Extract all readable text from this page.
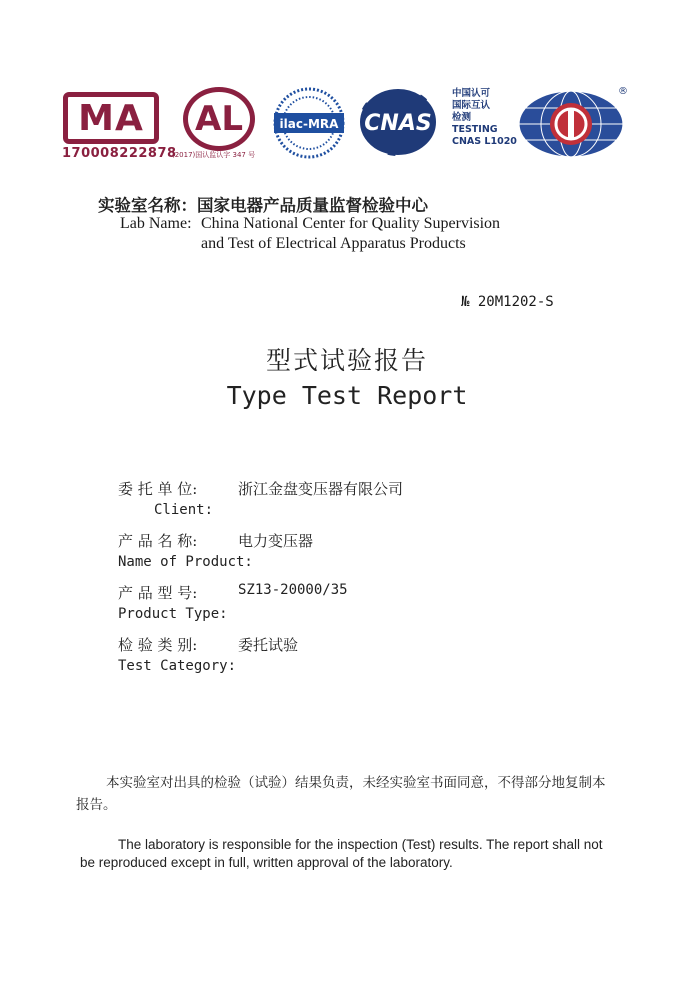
MA
170008222878
AL
(2017)国认监认字 347 号
ilac-MRA CNAS
中国认可
国际互认
检测
TESTING
CNAS L1020
®
实验室名称：国家电器产品质量监督检验中心
Lab Name: China National Center for Quality Supervision
and Test of Electrical Apparatus Products
№ 20M1202-S
型式试验报告
Type Test Report
委 托 单 位:	浙江金盘变压器有限公司
Client:
产 品 名 称:	电力变压器
Name of Product:
产 品 型 号:	SZ13-20000/35
Product Type:
检 验 类 别:	委托试验
Test Category:
本实验室对出具的检验（试验）结果负责，未经实验室书面同意，不得部分地复制本报告。
The laboratory is responsible for the inspection (Test) results. The report shall not be reproduced except in full, written approval of the laboratory.
